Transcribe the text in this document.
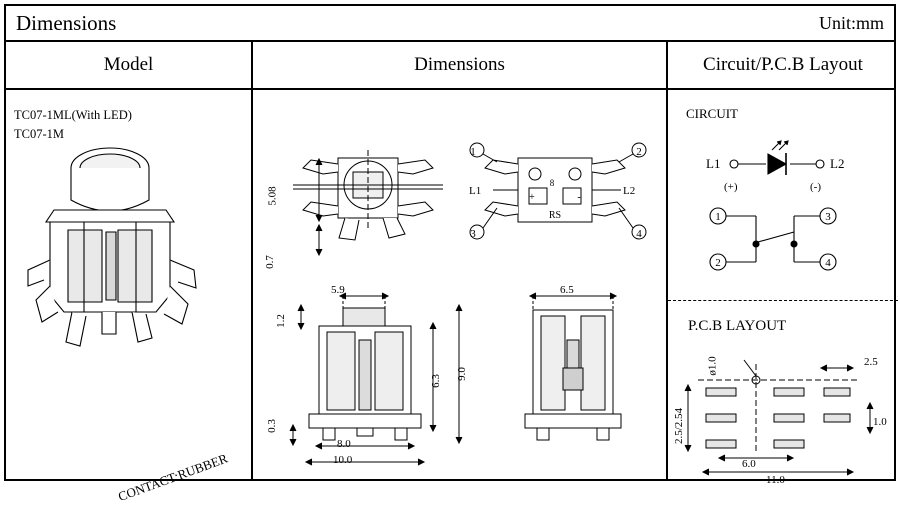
Dimensions	Unit:mm
Model	Dimensions	Circuit/P.C.B Layout
TC07-1ML(With LED)
TC07-1M
CONTACT:RUBBER
5.08
0.7
1	2
3	4
L1	L2
8
RS
+	-
5.9
1.2
6.3
9.0
8.0
10.0
0.3
6.5
CIRCUIT
L1	L2
(+)	(-)
1	3
2	4
P.C.B LAYOUT
2.5
1.0
2.5/2.54
6.0
11.0
ø1.0
